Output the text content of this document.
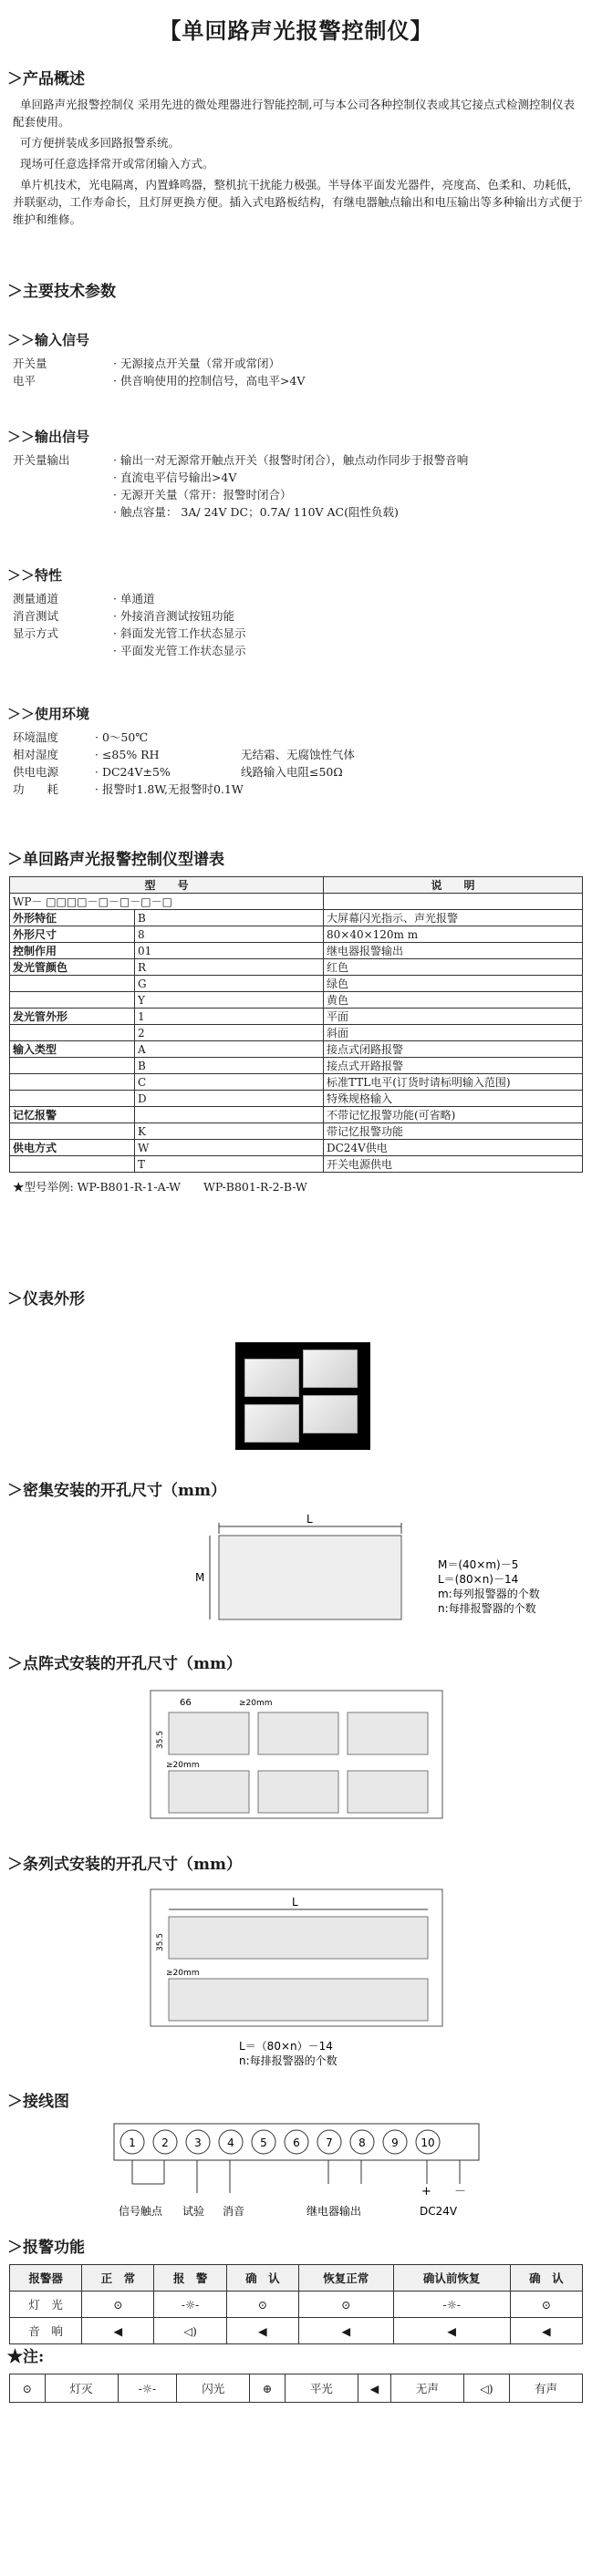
【单回路声光报警控制仪】
＞产品概述

单回路声光报警控制仪 采用先进的微处理器进行智能控制,可与本公司各种控制仪表或其它接点式检测控制仪表配套使用。

可方便拼装成多回路报警系统。

现场可任意选择常开或常闭输入方式。

单片机技术，光电隔离，内置蜂鸣器，整机抗干扰能力极强。半导体平面发光器件，亮度高、色柔和、功耗低，并联驱动，工作寿命长，且灯屏更换方便。插入式电路板结构，有继电器触点输出和电压输出等多种输出方式便于维护和维修。

＞主要技术参数
＞＞输入信号
开关量	· 无源接点开关量（常开或常闭）
电平	· 供音响使用的控制信号，高电平>4V
＞＞输出信号
开关量输出	· 输出一对无源常开触点开关（报警时闭合），触点动作同步于报警音响
· 直流电平信号输出>4V
· 无源开关量（常开：报警时闭合）
· 触点容量： 3A/ 24V DC；0.7A/ 110V AC(阻性负载)
＞＞特性
测量通道	· 单通道
消音测试	· 外接消音测试按钮功能
显示方式	· 斜面发光管工作状态显示
· 平面发光管工作状态显示
＞＞使用环境
环境温度	· 0～50℃
相对湿度	· ≤85% RH	无结霜、无腐蚀性气体
供电电源	· DC24V±5%	线路输入电阻≤50Ω
功　　耗	· 报警时1.8W,无报警时0.1W
＞单回路声光报警控制仪型谱表
型　　号		说　　明
WP－ □□□□－□－□－□－□		
外形特征	B	大屏幕闪光指示、声光报警
外形尺寸	8	80×40×120m m
控制作用	01	继电器报警输出
发光管颜色	R	红色
	G	绿色
	Y	黄色
发光管外形	1	平面
	2	斜面
输入类型	A	接点式闭路报警
	B	接点式开路报警
	C	标准TTL电平(订货时请标明输入范围)
	D	特殊规格输入
记忆报警		不带记忆报警功能(可省略)
	K	带记忆报警功能
供电方式	W	DC24V供电
	T	开关电源供电
★型号举例: WP-B801-R-1-A-W　　WP-B801-R-2-B-W
＞仪表外形
＞密集安装的开孔尺寸（mm）
L
M
M＝(40×m)－5
L＝(80×n)－14
m:每列报警器的个数
n:每排报警器的个数
＞点阵式安装的开孔尺寸（mm）
66	≥20mm
35.5
≥20mm
＞条列式安装的开孔尺寸（mm）
L
35.5
≥20mm
L＝（80×n）－14
n:每排报警器的个数
＞接线图
1 2 3 4 5 6 7 8 9 10
+ －
信号触点 试验 消音	继电器输出	DC24V
＞报警功能
报警器	正　常	报　警	确　认	恢复正常	确认前恢复	确　认
灯　光	⊙	-☼-	⊙	⊙	-☼-	⊙
音　响	◀	◁)	◀	◀	◀	◀
★注:
⊙	灯灭	-☼-	闪光	⊕	平光	◀	无声	◁)	有声
